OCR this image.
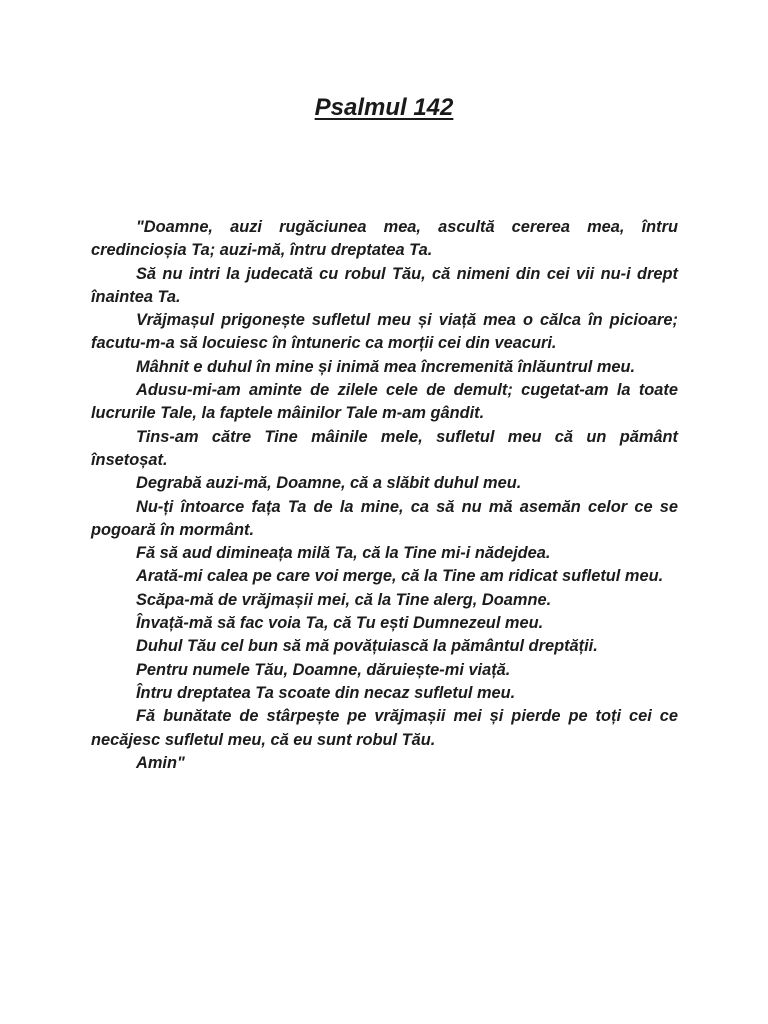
Psalmul 142

"Doamne, auzi rugăciunea mea, ascultă cererea mea, întru credincioșia Ta; auzi-mă, întru dreptatea Ta.

Să nu intri la judecată cu robul Tău, că nimeni din cei vii nu-i drept înaintea Ta.

Vrăjmașul prigonește sufletul meu și viață mea o călca în picioare; facutu-m-a să locuiesc în întuneric ca morții cei din veacuri.

Mâhnit e duhul în mine și inimă mea încremenită înlăuntrul meu.

Adusu-mi-am aminte de zilele cele de demult; cugetat-am la toate lucrurile Tale, la faptele mâinilor Tale m-am gândit.

Tins-am către Tine mâinile mele, sufletul meu că un pământ însetoșat.

Degrabă auzi-mă, Doamne, că a slăbit duhul meu.

Nu-ți întoarce fața Ta de la mine, ca să nu mă asemăn celor ce se pogoară în mormânt.

Fă să aud dimineața milă Ta, că la Tine mi-i nădejdea.

Arată-mi calea pe care voi merge, că la Tine am ridicat sufletul meu.

Scăpa-mă de vrăjmașii mei, că la Tine alerg, Doamne.

Învață-mă să fac voia Ta, că Tu ești Dumnezeul meu.

Duhul Tău cel bun să mă povățuiască la pământul dreptății.

Pentru numele Tău, Doamne, dăruiește-mi viață.

Întru dreptatea Ta scoate din necaz sufletul meu.

Fă bunătate de stârpește pe vrăjmașii mei și pierde pe toți cei ce necăjesc sufletul meu, că eu sunt robul Tău.

Amin"
